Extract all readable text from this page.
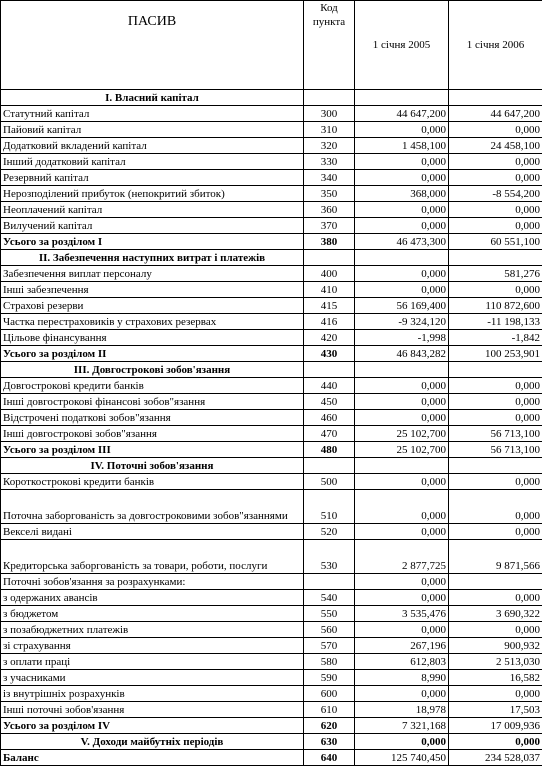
ПАСИВ	Код пункта	1 січня 2005	1 січня 2006
І. Власний капітал			
Статутний капітал	300	44 647,200	44 647,200
Пайовий капітал	310	0,000	0,000
Додатковий вкладений капітал	320	1 458,100	24 458,100
Інший додатковий капітал	330	0,000	0,000
Резервний капітал	340	0,000	0,000
Нерозподілений прибуток (непокритий збиток)	350	368,000	-8 554,200
Неоплачений капітал	360	0,000	0,000
Вилучений капітал	370	0,000	0,000
Усього за розділом І	380	46 473,300	60 551,100
ІІ. Забезпечення наступних витрат і платежів			
Забезпечення виплат персоналу	400	0,000	581,276
Інші забезпечення	410	0,000	0,000
Страхові резерви	415	56 169,400	110 872,600
Частка перестраховиків у страхових резервах	416	-9 324,120	-11 198,133
Цільове фінансування	420	-1,998	-1,842
Усього за розділом ІІ	430	46 843,282	100 253,901
ІІІ. Довгострокові зобов'язання			
Довгострокові кредити банків	440	0,000	0,000
Інші довгострокові фінансові зобов"язання	450	0,000	0,000
Відстрочені податкові зобов"язання	460	0,000	0,000
Інші довгострокові зобов"язання	470	25 102,700	56 713,100
Усього за розділом ІІІ	480	25 102,700	56 713,100
IV. Поточні зобов'язання			
Короткострокові кредити банків	500	0,000	0,000
Поточна заборгованість за довгостроковими зобов"язаннями	510	0,000	0,000
Векселі видані	520	0,000	0,000
Кредиторська заборгованість за товари, роботи, послуги	530	2 877,725	9 871,566
Поточні зобов'язання за розрахунками:		0,000	
з одержаних авансів	540	0,000	0,000
з бюджетом	550	3 535,476	3 690,322
з позабюджетних платежів	560	0,000	0,000
зі страхування	570	267,196	900,932
з оплати праці	580	612,803	2 513,030
з учасниками	590	8,990	16,582
із внутрішніх розрахунків	600	0,000	0,000
Інші поточні зобов'язання	610	18,978	17,503
Усього за розділом IV	620	7 321,168	17 009,936
V. Доходи майбутніх періодів	630	0,000	0,000
Баланс	640	125 740,450	234 528,037
